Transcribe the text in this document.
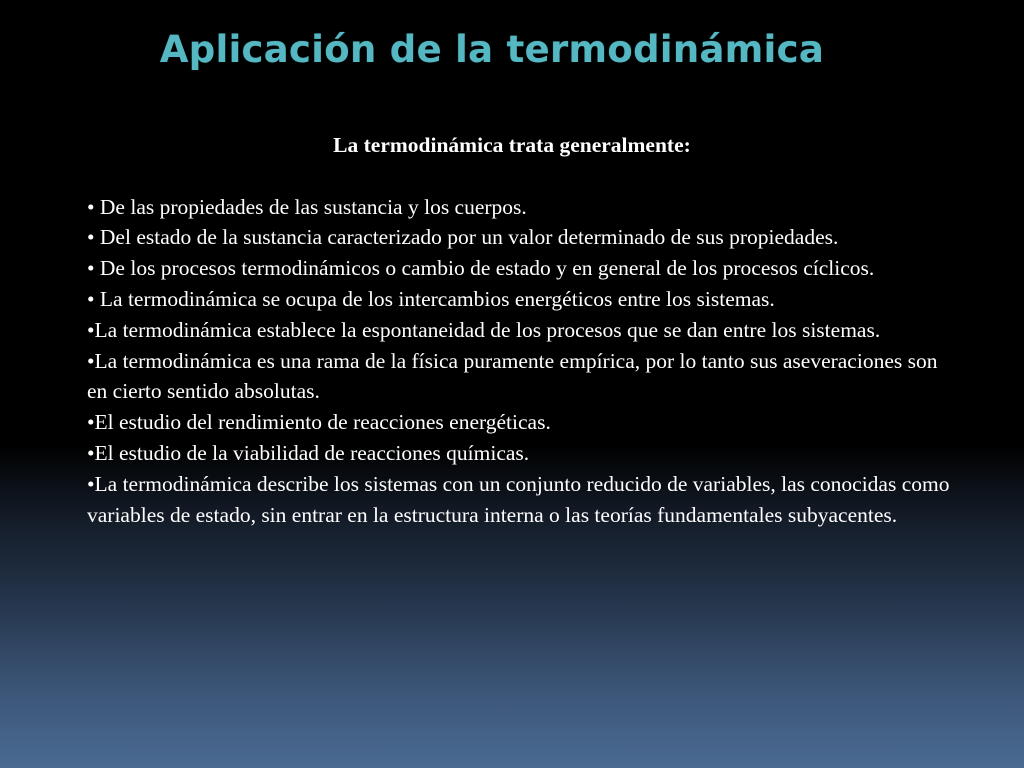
Aplicación de la termodinámica

La termodinámica trata generalmente:

• De las propiedades de las sustancia y los cuerpos.

• Del estado de la sustancia caracterizado por un valor determinado de sus propiedades.

• De los procesos termodinámicos o cambio de estado y en general de los procesos cíclicos.

• La termodinámica se ocupa de los intercambios energéticos entre los sistemas.

•La termodinámica establece la espontaneidad de los procesos que se dan entre los sistemas.

•La termodinámica es una rama de la física puramente empírica, por lo tanto sus aseveraciones son en cierto sentido absolutas.

•El estudio del rendimiento de reacciones energéticas.

•El estudio de la viabilidad de reacciones químicas.

•La termodinámica describe los sistemas con un conjunto reducido de variables, las conocidas como variables de estado, sin entrar en la estructura interna o las teorías fundamentales subyacentes.
